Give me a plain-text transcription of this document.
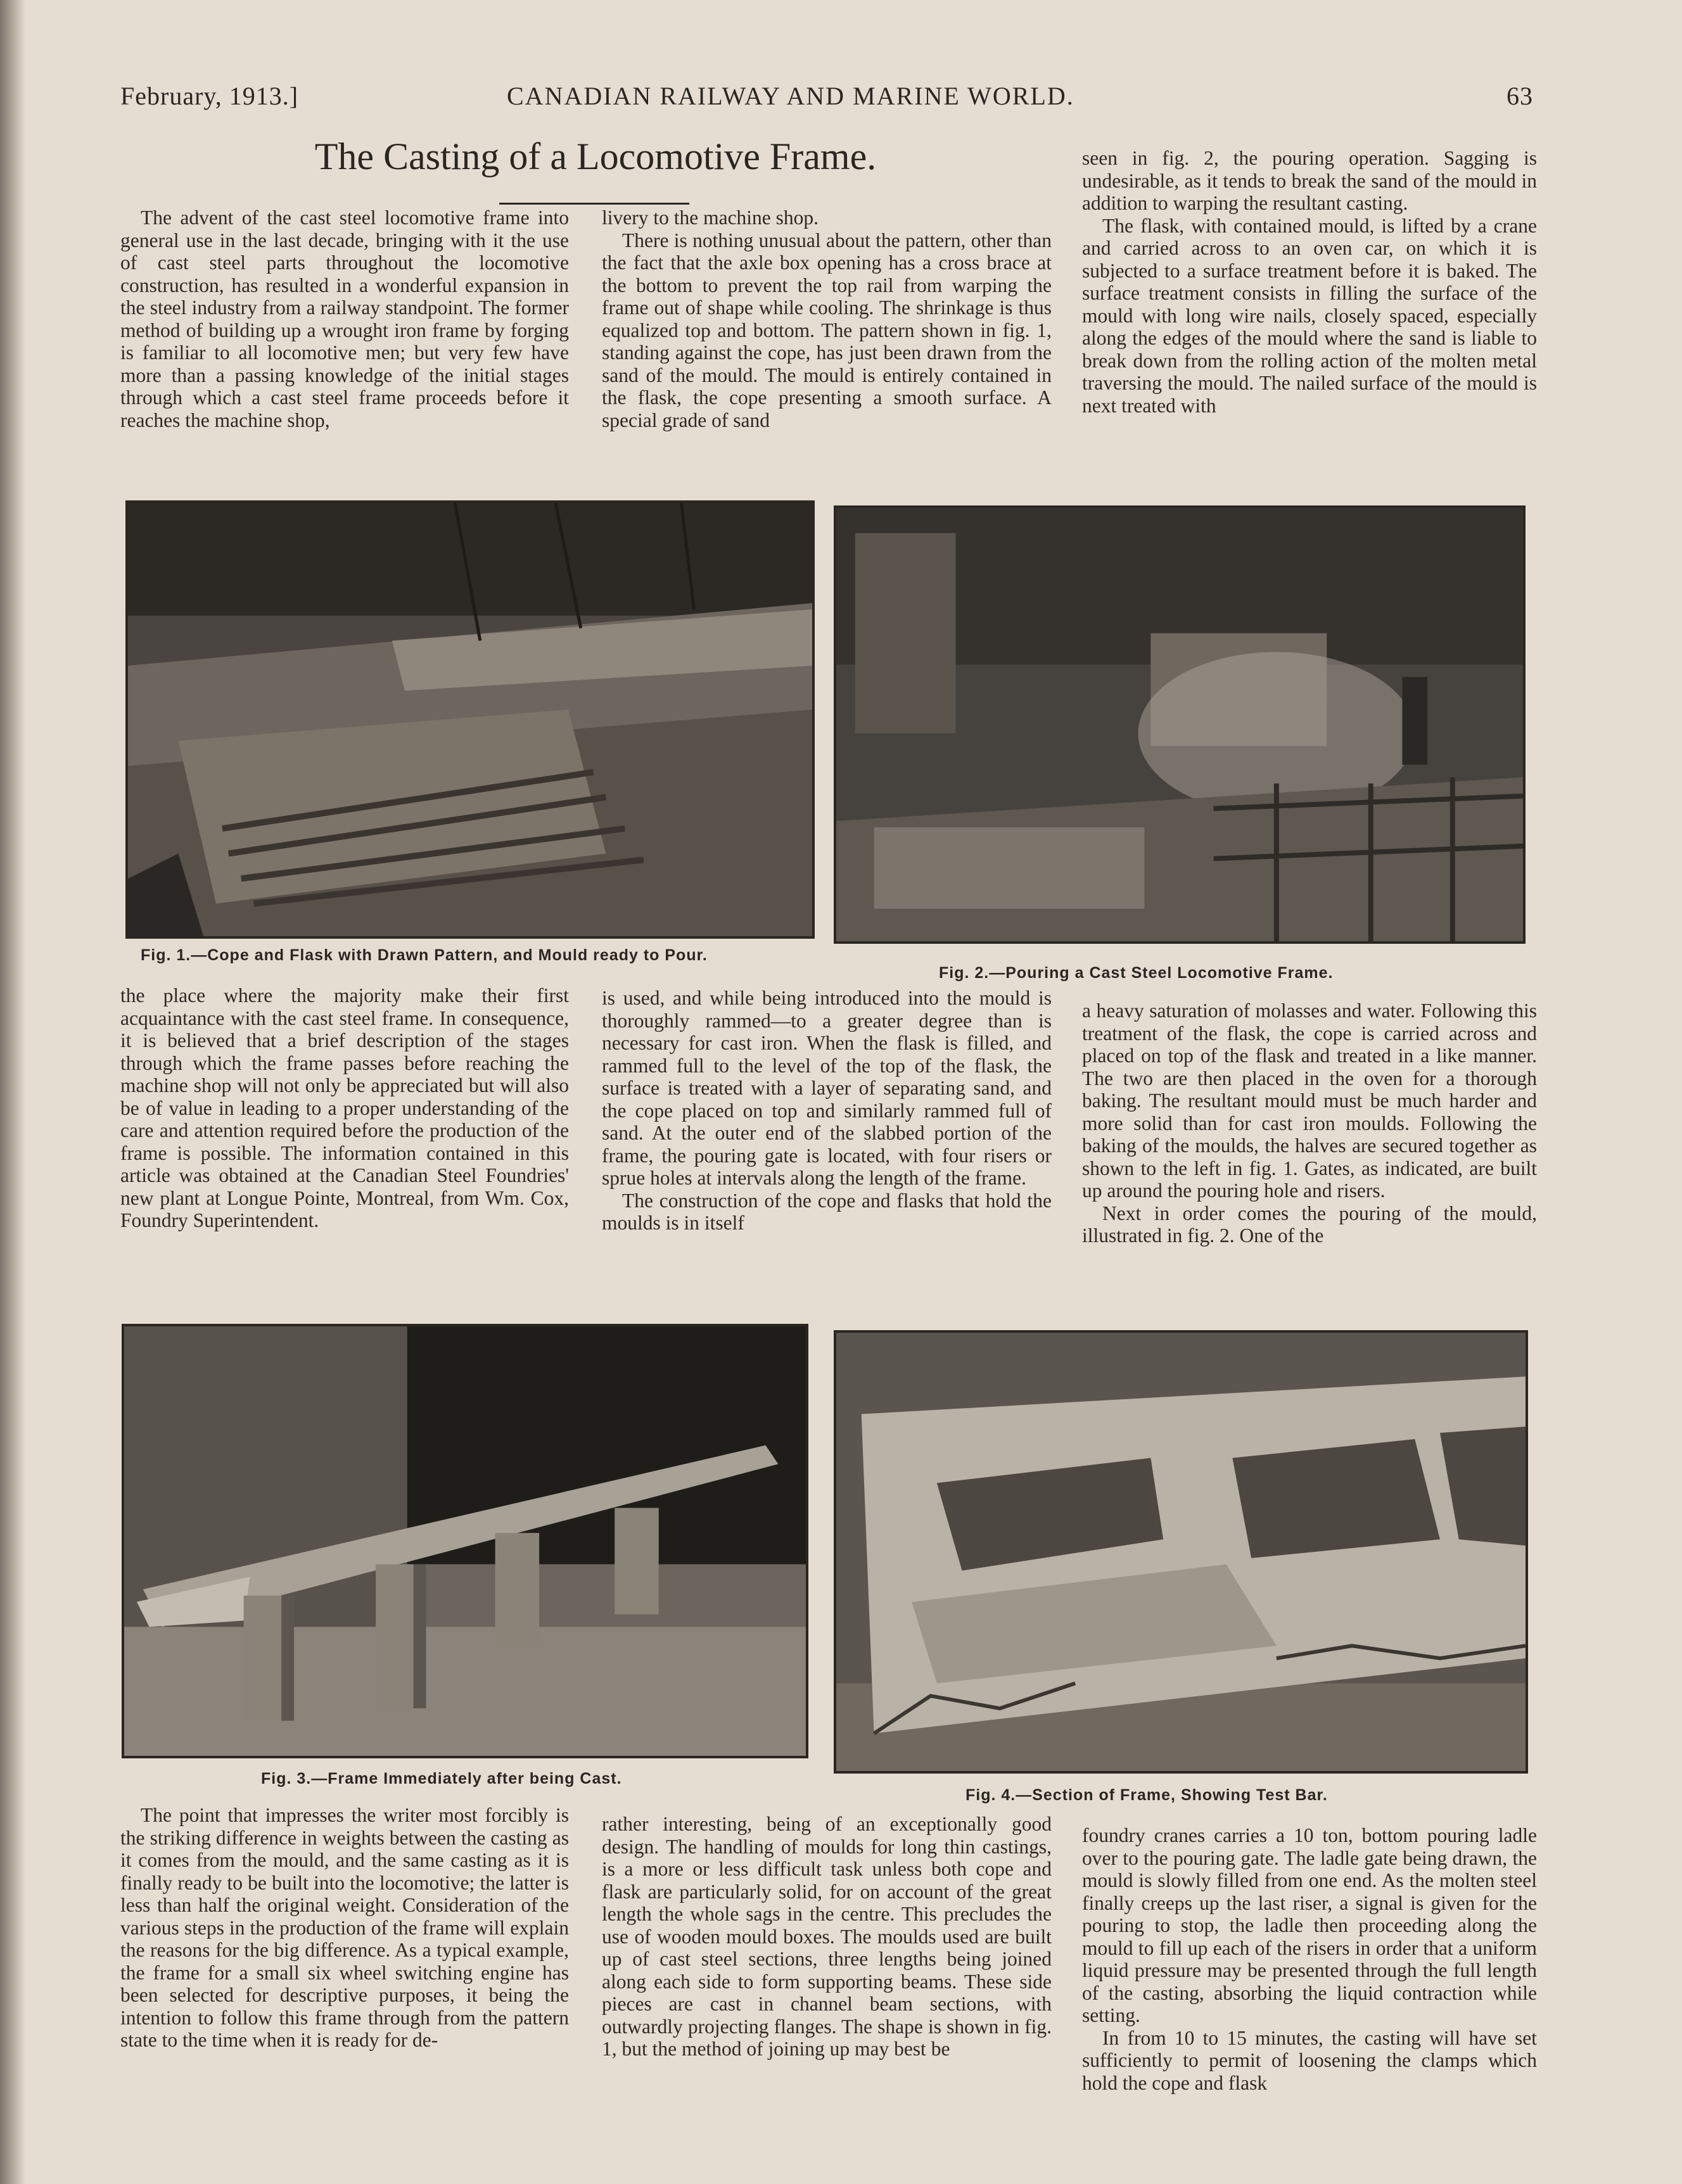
February, 1913.]	CANADIAN RAILWAY AND MARINE WORLD.	63
The Casting of a Locomotive Frame.

The advent of the cast steel locomotive frame into general use in the last decade, bringing with it the use of cast steel parts throughout the locomotive construction, has resulted in a wonderful expansion in the steel industry from a railway standpoint. The former method of building up a wrought iron frame by forging is familiar to all locomotive men; but very few have more than a passing knowledge of the initial stages through which a cast steel frame proceeds before it reaches the machine shop,

livery to the machine shop.

There is nothing unusual about the pattern, other than the fact that the axle box opening has a cross brace at the bottom to prevent the top rail from warping the frame out of shape while cooling. The shrinkage is thus equalized top and bottom. The pattern shown in fig. 1, standing against the cope, has just been drawn from the sand of the mould. The mould is entirely contained in the flask, the cope presenting a smooth surface. A special grade of sand

seen in fig. 2, the pouring operation. Sagging is undesirable, as it tends to break the sand of the mould in addition to warping the resultant casting.

The flask, with contained mould, is lifted by a crane and carried across to an oven car, on which it is subjected to a surface treatment before it is baked. The surface treatment consists in filling the surface of the mould with long wire nails, closely spaced, especially along the edges of the mould where the sand is liable to break down from the rolling action of the molten metal traversing the mould. The nailed surface of the mould is next treated with

Fig. 1.—Cope and Flask with Drawn Pattern, and Mould ready to Pour.
Fig. 2.—Pouring a Cast Steel Locomotive Frame.

the place where the majority make their first acquaintance with the cast steel frame. In consequence, it is believed that a brief description of the stages through which the frame passes before reaching the machine shop will not only be appreciated but will also be of value in leading to a proper understanding of the care and attention required before the production of the frame is possible. The information contained in this article was obtained at the Canadian Steel Foundries' new plant at Longue Pointe, Montreal, from Wm. Cox, Foundry Superintendent.

is used, and while being introduced into the mould is thoroughly rammed—to a greater degree than is necessary for cast iron. When the flask is filled, and rammed full to the level of the top of the flask, the surface is treated with a layer of separating sand, and the cope placed on top and similarly rammed full of sand. At the outer end of the slabbed portion of the frame, the pouring gate is located, with four risers or sprue holes at intervals along the length of the frame.

The construction of the cope and flasks that hold the moulds is in itself

a heavy saturation of molasses and water. Following this treatment of the flask, the cope is carried across and placed on top of the flask and treated in a like manner. The two are then placed in the oven for a thorough baking. The resultant mould must be much harder and more solid than for cast iron moulds. Following the baking of the moulds, the halves are secured together as shown to the left in fig. 1. Gates, as indicated, are built up around the pouring hole and risers.

Next in order comes the pouring of the mould, illustrated in fig. 2. One of the

Fig. 3.—Frame Immediately after being Cast.
Fig. 4.—Section of Frame, Showing Test Bar.

The point that impresses the writer most forcibly is the striking difference in weights between the casting as it comes from the mould, and the same casting as it is finally ready to be built into the locomotive; the latter is less than half the original weight. Consideration of the various steps in the production of the frame will explain the reasons for the big difference. As a typical example, the frame for a small six wheel switching engine has been selected for descriptive purposes, it being the intention to follow this frame through from the pattern state to the time when it is ready for de-

rather interesting, being of an exceptionally good design. The handling of moulds for long thin castings, is a more or less difficult task unless both cope and flask are particularly solid, for on account of the great length the whole sags in the centre. This precludes the use of wooden mould boxes. The moulds used are built up of cast steel sections, three lengths being joined along each side to form supporting beams. These side pieces are cast in channel beam sections, with outwardly projecting flanges. The shape is shown in fig. 1, but the method of joining up may best be

foundry cranes carries a 10 ton, bottom pouring ladle over to the pouring gate. The ladle gate being drawn, the mould is slowly filled from one end. As the molten steel finally creeps up the last riser, a signal is given for the pouring to stop, the ladle then proceeding along the mould to fill up each of the risers in order that a uniform liquid pressure may be presented through the full length of the casting, absorbing the liquid contraction while setting.

In from 10 to 15 minutes, the casting will have set sufficiently to permit of loosening the clamps which hold the cope and flask
